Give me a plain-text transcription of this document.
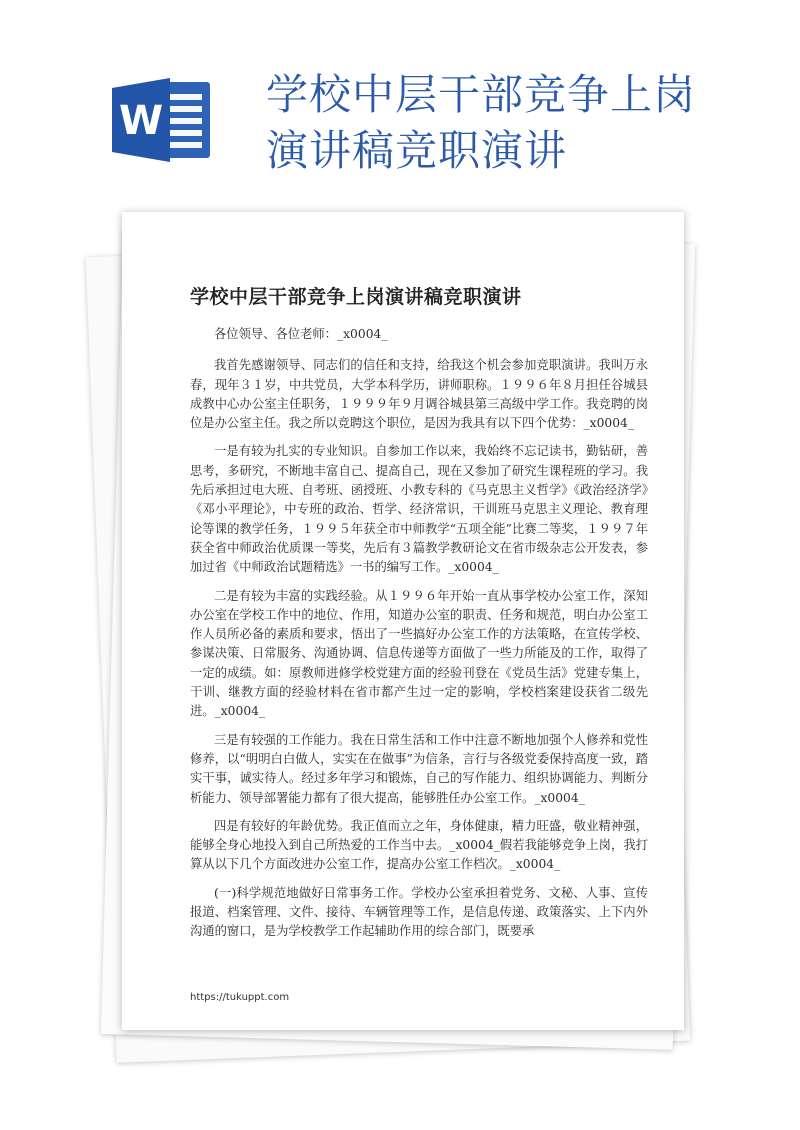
W
学校中层干部竞争上岗
演讲稿竞职演讲
学校中层干部竞争上岗演讲稿竞职演讲

各位领导、各位老师：_x0004_

我首先感谢领导、同志们的信任和支持，给我这个机会参加竞职演讲。我叫万永春，现年３１岁，中共党员，大学本科学历，讲师职称。１９９６年８月担任谷城县成教中心办公室主任职务，１９９９年９月调谷城县第三高级中学工作。我竞聘的岗位是办公室主任。我之所以竞聘这个职位，是因为我具有以下四个优势：_x0004_

一是有较为扎实的专业知识。自参加工作以来，我始终不忘记读书，勤钻研，善思考，多研究，不断地丰富自己、提高自己，现在又参加了研究生课程班的学习。我先后承担过电大班、自考班、函授班、小教专科的《马克思主义哲学》《政治经济学》《邓小平理论》，中专班的政治、哲学、经济常识，干训班马克思主义理论、教育理论等课的教学任务，１９９５年获全市中师教学“五项全能”比赛二等奖，１９９７年获全省中师政治优质课一等奖，先后有３篇教学教研论文在省市级杂志公开发表，参加过省《中师政治试题精选》一书的编写工作。_x0004_

二是有较为丰富的实践经验。从１９９６年开始一直从事学校办公室工作，深知办公室在学校工作中的地位、作用，知道办公室的职责、任务和规范，明白办公室工作人员所必备的素质和要求，悟出了一些搞好办公室工作的方法策略，在宣传学校、参谋决策、日常服务、沟通协调、信息传递等方面做了一些力所能及的工作，取得了一定的成绩。如：原教师进修学校党建方面的经验刊登在《党员生活》党建专集上，干训、继教方面的经验材料在省市都产生过一定的影响，学校档案建设获省二级先进。_x0004_

三是有较强的工作能力。我在日常生活和工作中注意不断地加强个人修养和党性修养，以“明明白白做人，实实在在做事”为信条，言行与各级党委保持高度一致，踏实干事，诚实待人。经过多年学习和锻炼，自己的写作能力、组织协调能力、判断分析能力、领导部署能力都有了很大提高，能够胜任办公室工作。_x0004_

四是有较好的年龄优势。我正值而立之年，身体健康，精力旺盛，敬业精神强，能够全身心地投入到自己所热爱的工作当中去。_x0004_假若我能够竞争上岗，我打算从以下几个方面改进办公室工作，提高办公室工作档次。_x0004_

(一)科学规范地做好日常事务工作。学校办公室承担着党务、文秘、人事、宣传报道、档案管理、文件、接待、车辆管理等工作，是信息传递、政策落实、上下内外沟通的窗口，是为学校教学工作起辅助作用的综合部门，既要承

https://tukuppt.com
